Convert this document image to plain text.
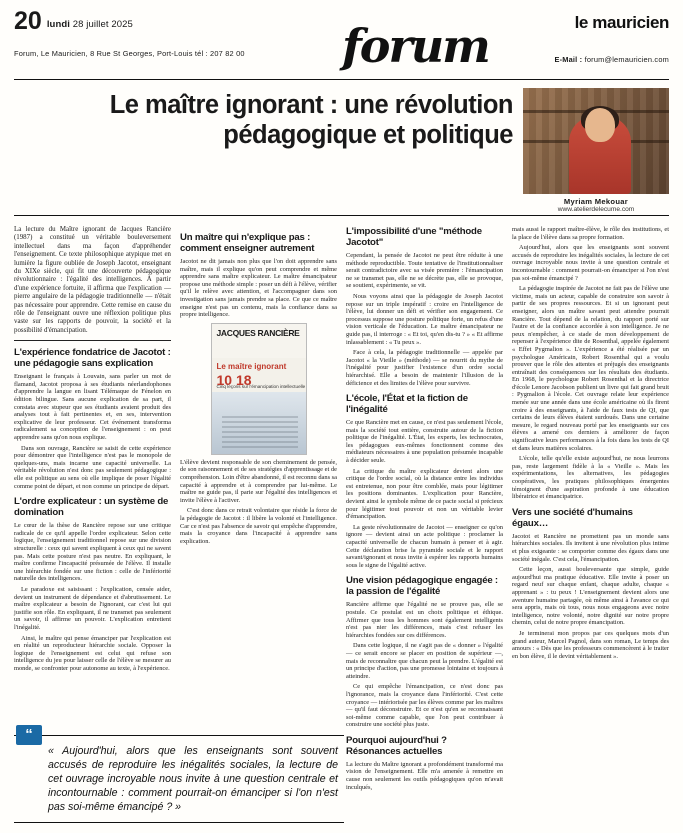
20 lundi 28 juillet 2025	le mauricien
Forum, Le Mauricien, 8 Rue St Georges, Port-Louis tél : 207 82 00	forum	E-Mail : forum@lemauricien.com
Le maître ignorant : une révolution pédagogique et politique
Myriam Mekouar
www.atelierdelecume.com

La lecture du Maître ignorant de Jacques Rancière (1987) a constitué un véritable bouleversement intellectuel dans ma façon d'appréhender l'enseignement. Ce texte philosophique atypique met en lumière la figure oubliée de Joseph Jacotot, enseignant du XIXe siècle, qui fit une découverte pédagogique révolutionnaire : l'égalité des intelligences. À partir d'une expérience fortuite, il affirma que l'explication — pierre angulaire de la pédagogie traditionnelle — n'était pas nécessaire pour apprendre. Cette remise en cause du rôle de l'enseignant ouvre une réflexion politique plus vaste sur les rapports de pouvoir, la société et la possibilité d'émancipation.

L'expérience fondatrice de Jacotot : une pédagogie sans explication

Enseignant le français à Louvain, sans parler un mot de flamand, Jacotot proposa à ses étudiants néerlandophones d'apprendre la langue en lisant Télémaque de Fénelon en édition bilingue. Sans aucune explication de sa part, il constata avec stupeur que ses étudiants avaient produit des analyses tout à fait pertinentes et, en ses, intervention explicative de leur professeur. Cet événement transforma radicalement sa conception de l'enseignement : on peut apprendre sans qu'on nous explique.

Dans son ouvrage, Rancière se saisit de cette expérience pour démontrer que l'intelligence n'est pas le monopole de quelques-uns, mais incarne une capacité universelle. La véritable révolution n'est donc pas seulement pédagogique : elle est politique au sens où elle implique de poser l'égalité comme point de départ, et non comme un principe de départ.

L'ordre explicateur : un système de domination

Le cœur de la thèse de Rancière repose sur une critique radicale de ce qu'il appelle l'ordre explicateur. Selon cette logique, l'enseignement traditionnel repose sur une division structurelle : ceux qui savent expliquent à ceux qui ne savent pas. Mais cette posture n'est pas neutre. En expliquant, le maître confirme l'incapacité présumée de l'élève. Il installe une hiérarchie fondée sur une fiction : celle de l'infériorité naturelle des intelligences.

Le paradoxe est saisissant : l'explication, censée aider, devient un instrument de dépendance et d'abrutissement. Le maître explicateur a besoin de l'ignorant, car c'est lui qui justifie son rôle. En expliquant, il ne transmet pas seulement un savoir, il affirme un pouvoir. L'explication entretient l'inégalité.

Ainsi, le maître qui pense émanciper par l'explication est en réalité un reproducteur hiérarchie sociale. Opposer la logique de l'enseignement est celui qui refuse son intelligence du jeu pour laisser celle de l'élève se mesurer au monde, se confronter pour autonome au texte, à l'expérience.

Un maître qui n'explique pas : comment enseigner autrement

Jacotot ne dit jamais non plus que l'on doit apprendre sans maître, mais il explique qu'on peut comprendre et même apprendre sans maître explicateur. Le maître émancipateur propose une méthode simple : poser un défi à l'élève, vérifier qu'il le relève avec attention, et l'accompagner dans son investigation sans jamais prendre sa place. Ce que ce maître enseigne n'est pas un contenu, mais la confiance dans sa propre intelligence.

JACQUES RANCIÈRE
Le maître ignorant
10 18
Cinq leçons sur l'émancipation intellectuelle

L'élève devient responsable de son cheminement de pensée, de son raisonnement et de ses stratégies d'apprentissage et de compréhension. Loin d'être abandonné, il est reconnu dans sa capacité à apprendre et à comprendre par lui-même. Le maître ne guide pas, il parie sur l'égalité des intelligences et invite l'élève à l'activer.

C'est donc dans ce retrait volontaire que réside la force de la pédagogie de Jacotot : il libère la volonté et l'intelligence. Car ce n'est pas l'absence de savoir qui empêche d'apprendre, mais la croyance dans l'incapacité à apprendre sans explication.

L'impossibilité d'une "méthode Jacotot"

Cependant, la pensée de Jacotot ne peut être réduite à une méthode reproductible. Toute tentative de l'institutionnaliser serait contradictoire avec sa visée première : l'émancipation ne se transmet pas, elle ne se décrète pas, elle se provoque, se soutient, expérimente, se vit.

Nous voyons ainsi que la pédagogie de Joseph Jacotot repose sur un triple impératif : croire en l'intelligence de l'élève, lui donner un défi et vérifier son engagement. Ce processus suppose une posture politique forte, un refus d'une vision verticale de l'éducation. Le maître émancipateur ne guide pas, il interroge : « Et toi, qu'en dis-tu ? » « Et affirme inlassablement : « Tu peux ».

Face à cela, la pédagogie traditionnelle — appelée par Jacotot « la Vieille » (méthode) — se nourrit du mythe de l'inégalité pour justifier l'existence d'un ordre social hiérarchisé. Elle a besoin de maintenir l'illusion de la déficience et des limites de l'élève pour survivre.

L'école, l'État et la fiction de l'inégalité

Ce que Rancière met en cause, ce n'est pas seulement l'école, mais la société tout entière, construite autour de la fiction politique de l'inégalité. L'État, les experts, les technocrates, les pédagogues eux-mêmes fonctionnent comme des médiateurs nécessaires à une population présumée incapable à décider seule.

La critique du maître explicateur devient alors une critique de l'ordre social, où la distance entre les individus est entretenue, non pour être comblée, mais pour légitimer les positions dominantes. L'explication pour Rancière, devient ainsi le symbole même de ce pacte social si précieux pour légitimer tout pouvoir et non un véritable levier d'émancipation.

La geste révolutionnaire de Jacotot — enseigner ce qu'on ignore — devient ainsi un acte politique : proclamer la capacité universelle de chacun humain à penser et à agir. Cette déclaration brise la pyramide sociale et le rapport savant/ignorant et nous invite à espérer les rapports humains sous le signe de l'égalité active.

Une vision pédagogique engagée : la passion de l'égalité

Rancière affirme que l'égalité ne se prouve pas, elle se postule. Ce postulat est un choix politique et éthique. Affirmer que tous les hommes sont également intelligents n'est pas nier les différences, mais c'est refuser les hiérarchies fondées sur ces différences.

Dans cette logique, il ne s'agit pas de « donner » l'égalité — ce serait encore se placer en position de supérieur —, mais de reconnaître que chacun peut la prendre. L'égalité est un principe d'action, pas une promesse lointaine et toujours à atteindre.

Ce qui empêche l'émancipation, ce n'est donc pas l'ignorance, mais la croyance dans l'infériorité. C'est cette croyance — intériorisée par les élèves comme par les maîtres — qu'il faut déconstruire. Et ce n'est qu'en se reconnaissant soi-même comme capable, que l'on peut contribuer à construire une société plus juste.

Pourquoi aujourd'hui ? Résonances actuelles

La lecture du Maître ignorant a profondément transformé ma vision de l'enseignement. Elle m'a amenée à remettre en cause non seulement les outils pédagogiques qu'on m'avait inculqués,

mais aussi le rapport maître-élève, le rôle des institutions, et la place de l'élève dans sa propre formation.

Aujourd'hui, alors que les enseignants sont souvent accusés de reproduire les inégalités sociales, la lecture de cet ouvrage incroyable nous invite à une question centrale et incontournable : comment pourrait-on émanciper si l'on n'est pas soi-même émancipé ?

La pédagogie inspirée de Jacotot ne fait pas de l'élève une victime, mais un acteur, capable de construire son savoir à partir de ses propres ressources. Et si un ignorant peut enseigner, alors un maître savant peut attendre pourrait Rancière. Tout dépend de la relation, du rapport porté sur l'autre et de la confiance accordée à son intelligence. Je ne peux n'empêcher, à ce stade de mon développement de repenser à l'expérience dite de Rosenthal, appelée également « Effet Pygmalion ». L'expérience a été réalisée par un psychologue Américain, Robert Rosenthal qui a voulu prouver que le rôle des attentes et préjugés des enseignants entraînait des conséquences sur les résultats des étudiants. En 1968, le psychologue Robert Rosenthal et la directrice d'école Lenore Jacobson publient un livre qui fait grand bruit : Pygmalion à l'école. Cet ouvrage relate leur expérience menée sur une année dans une école américaine où ils firent croire à des enseignants, à l'aide de faux tests de QI, que certains de leurs élèves étaient surdoués. Dans une certaine mesure, le regard nouveau porté par les enseignants sur ces élèves a amené ces derniers à améliorer de façon significative leurs performances à la fois dans les tests de QI et dans leurs matières scolaires.

L'école, telle qu'elle existe aujourd'hui, ne nous leurrons pas, reste largement fidèle à la « Vieille ». Mais les expérimentations, les alternatives, les pédagogies coopératives, les pratiques philosophiques émergentes témoignent d'une aspiration profonde à une éducation libératrice et émancipatrice.

Vers une société d'humains égaux…

Jacotot et Rancière ne promettent pas un monde sans hiérarchies sociales. Ils invitent à une révolution plus intime et plus exigeante : se comporter comme des égaux dans une société inégale. C'est cela, l'émancipation.

Cette leçon, aussi bouleversante que simple, guide aujourd'hui ma pratique éducative. Elle invite à poser un regard neuf sur chaque enfant, chaque adulte, chaque « apprenant » : tu peux ! L'enseignement devient alors une aventure humaine partagée, où même ainsi à l'avance ce qui sera appris, mais où tous, nous nous engageons avec notre intelligence, notre volonté, notre dignité sur notre propre chemin, celui de notre propre émancipation.

Je terminerai mon propos par ces quelques mots d'un grand auteur, Marcel Pagnol, dans son roman, Le temps des amours : « Dès que les professeurs commencèrent à le traiter en bon élève, il le devint véritablement ».

“
« Aujourd'hui, alors que les enseignants sont souvent accusés de reproduire les inégalités sociales, la lecture de cet ouvrage incroyable nous invite à une question centrale et incontournable : comment pourrait-on émanciper si l'on n'est pas soi-même émancipé ? »
